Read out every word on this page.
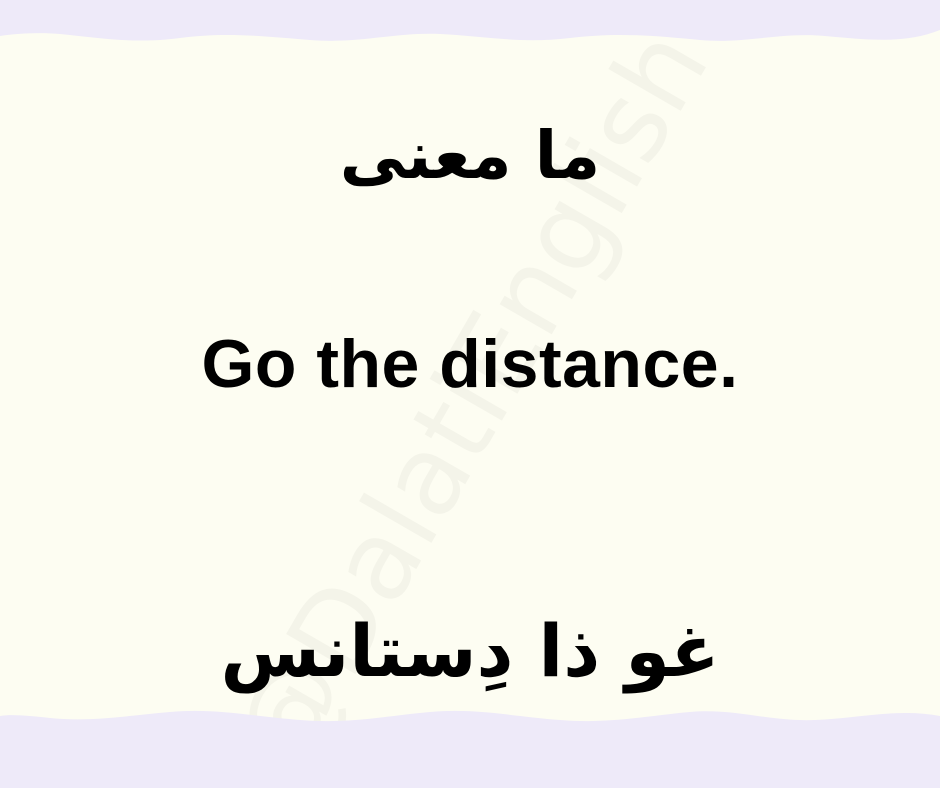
ما معنى
Go the distance.
غو ذا دِستانس
